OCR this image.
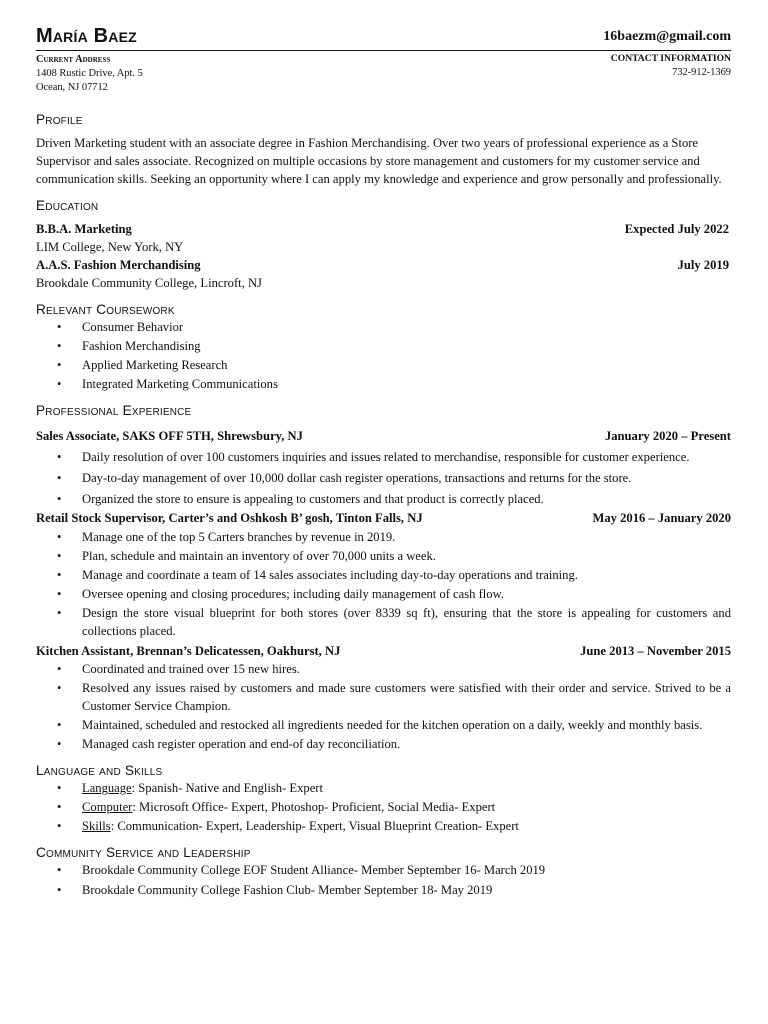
María Baez	16baezm@gmail.com
Current Address
1408 Rustic Drive, Apt. 5
Ocean, NJ 07712
CONTACT INFORMATION
732-912-1369
Profile

Driven Marketing student with an associate degree in Fashion Merchandising. Over two years of professional experience as a Store Supervisor and sales associate. Recognized on multiple occasions by store management and customers for my customer service and communication skills. Seeking an opportunity where I can apply my knowledge and experience and grow personally and professionally.

Education
B.B.A. Marketing	Expected July 2022
LIM College, New York, NY
A.A.S. Fashion Merchandising	July 2019
Brookdale Community College, Lincroft, NJ
Relevant Coursework
• Consumer Behavior
• Fashion Merchandising
• Applied Marketing Research
• Integrated Marketing Communications
Professional Experience
Sales Associate, SAKS OFF 5TH, Shrewsbury, NJ	January 2020 – Present
• Daily resolution of over 100 customers inquiries and issues related to merchandise, responsible for customer experience.
• Day-to-day management of over 10,000 dollar cash register operations, transactions and returns for the store.
• Organized the store to ensure is appealing to customers and that product is correctly placed.
Retail Stock Supervisor, Carter’s and Oshkosh B’ gosh, Tinton Falls, NJ	May 2016 – January 2020
• Manage one of the top 5 Carters branches by revenue in 2019.
• Plan, schedule and maintain an inventory of over 70,000 units a week.
• Manage and coordinate a team of 14 sales associates including day-to-day operations and training.
• Oversee opening and closing procedures; including daily management of cash flow.
• Design the store visual blueprint for both stores (over 8339 sq ft), ensuring that the store is appealing for customers and collections placed.
Kitchen Assistant, Brennan’s Delicatessen, Oakhurst, NJ	June 2013 – November 2015
• Coordinated and trained over 15 new hires.
• Resolved any issues raised by customers and made sure customers were satisfied with their order and service. Strived to be a Customer Service Champion.
• Maintained, scheduled and restocked all ingredients needed for the kitchen operation on a daily, weekly and monthly basis.
• Managed cash register operation and end-of day reconciliation.
Language and Skills
• Language: Spanish- Native and English- Expert
• Computer: Microsoft Office- Expert, Photoshop- Proficient, Social Media- Expert
• Skills: Communication- Expert, Leadership- Expert, Visual Blueprint Creation- Expert
Community Service and Leadership
• Brookdale Community College EOF Student Alliance- Member September 16- March 2019
• Brookdale Community College Fashion Club- Member September 18- May 2019
